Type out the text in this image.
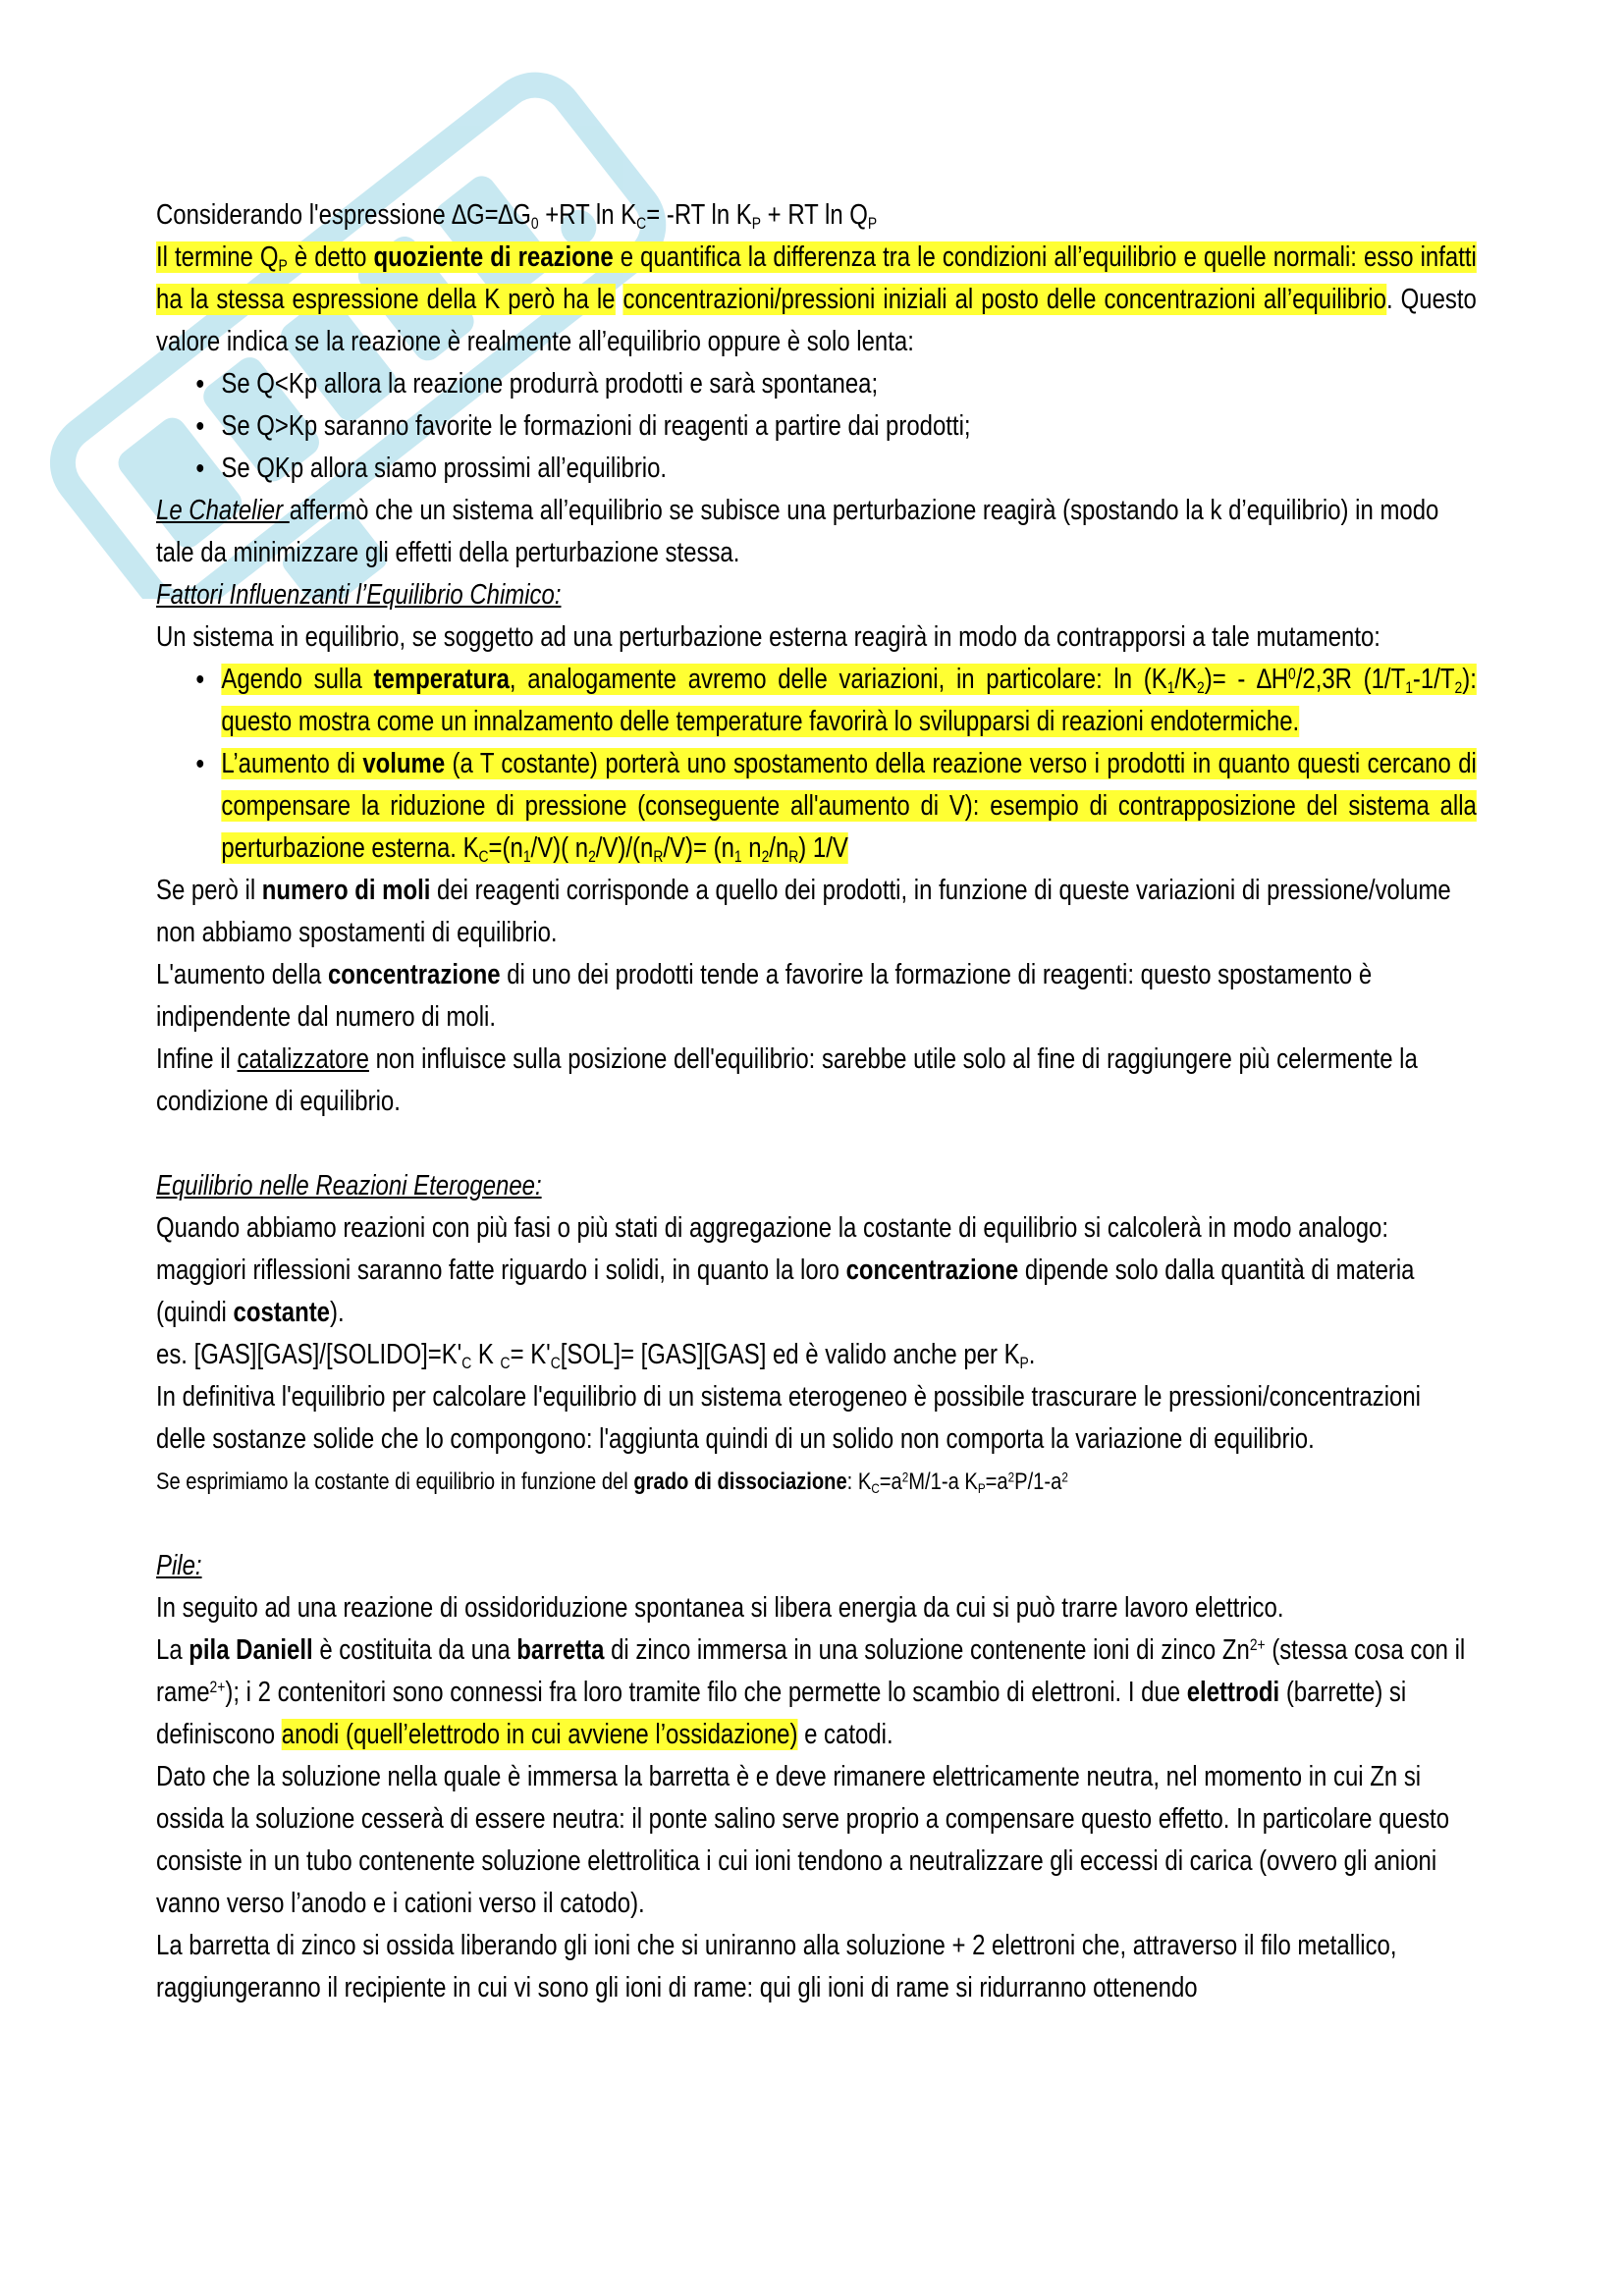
Considerando l'espressione $\Delta G=\Delta G_0 +RT$ $\ln K_C= -RT$ $\ln K_P$ + RT $\ln Q_P$

Il termine $Q_P$ è detto quoziente di reazione e quantifica la differenza tra le condizioni all’equilibrio e quelle normali: esso infatti ha la stessa espressione della K però ha le concentrazioni/pressioni iniziali al posto delle concentrazioni all’equilibrio. Questo valore indica se la reazione è realmente all’equilibrio oppure è solo lenta:

• Se Q<Kp allora la reazione produrrà prodotti e sarà spontanea;
• Se Q>Kp saranno favorite le formazioni di reagenti a partire dai prodotti;
• Se QKp allora siamo prossimi all’equilibrio.

Le Chatelier affermò che un sistema all’equilibrio se subisce una perturbazione reagirà (spostando la k d’equilibrio) in modo tale da minimizzare gli effetti della perturbazione stessa.

Fattori Influenzanti l’Equilibrio Chimico:

Un sistema in equilibrio, se soggetto ad una perturbazione esterna reagirà in modo da contrapporsi a tale mutamento:

• Agendo sulla temperatura, analogamente avremo delle variazioni, in particolare: $\ln (K_1/K_2)= - \Delta H^0/2,3R$ $(1/T_1-1/T_2)$: questo mostra come un innalzamento delle temperature favorirà lo svilupparsi di reazioni endotermiche.
• L’aumento di volume (a T costante) porterà uno spostamento della reazione verso i prodotti in quanto questi cercano di compensare la riduzione di pressione (conseguente all'aumento di V): esempio di contrapposizione del sistema alla perturbazione esterna. $K_C=(n_1/V)$( $n_2/V)/(n_R/V)= (n_1$ $n_2/n_R$) 1/V

Se però il numero di moli dei reagenti corrisponde a quello dei prodotti, in funzione di queste variazioni di pressione/volume non abbiamo spostamenti di equilibrio.

L'aumento della concentrazione di uno dei prodotti tende a favorire la formazione di reagenti: questo spostamento è indipendente dal numero di moli.

Infine il catalizzatore non influisce sulla posizione dell'equilibrio: sarebbe utile solo al fine di raggiungere più celermente la condizione di equilibrio.

Equilibrio nelle Reazioni Eterogenee:

Quando abbiamo reazioni con più fasi o più stati di aggregazione la costante di equilibrio si calcolerà in modo analogo: maggiori riflessioni saranno fatte riguardo i solidi, in quanto la loro concentrazione dipende solo dalla quantità di materia (quindi costante).

es. $[GAS][GAS]/[SOLIDO]=K'_C$ K $_C= K'_C[SOL]= [GAS][GAS]$ ed è valido anche per $K_P$.

In definitiva l'equilibrio per calcolare l'equilibrio di un sistema eterogeneo è possibile trascurare le pressioni/concentrazioni delle sostanze solide che lo compongono: l'aggiunta quindi di un solido non comporta la variazione di equilibrio.

Se esprimiamo la costante di equilibrio in funzione del grado di dissociazione: $K_C=a^2M/1-a$ $K_P=a^2P/1-a^2$

Pile:

In seguito ad una reazione di ossidoriduzione spontanea si libera energia da cui si può trarre lavoro elettrico.

La pila Daniell è costituita da una barretta di zinco immersa in una soluzione contenente ioni di zinco $Zn^{2+}$ (stessa cosa con il rame$^{2+}$); i 2 contenitori sono connessi fra loro tramite filo che permette lo scambio di elettroni. I due elettrodi (barrette) si definiscono anodi (quell’elettrodo in cui avviene l’ossidazione) e catodi.

Dato che la soluzione nella quale è immersa la barretta è e deve rimanere elettricamente neutra, nel momento in cui Zn si ossida la soluzione cesserà di essere neutra: il ponte salino serve proprio a compensare questo effetto. In particolare questo consiste in un tubo contenente soluzione elettrolitica i cui ioni tendono a neutralizzare gli eccessi di carica (ovvero gli anioni vanno verso l’anodo e i cationi verso il catodo).

La barretta di zinco si ossida liberando gli ioni che si uniranno alla soluzione + 2 elettroni che, attraverso il filo metallico, raggiungeranno il recipiente in cui vi sono gli ioni di rame: qui gli ioni di rame si ridurranno ottenendo
